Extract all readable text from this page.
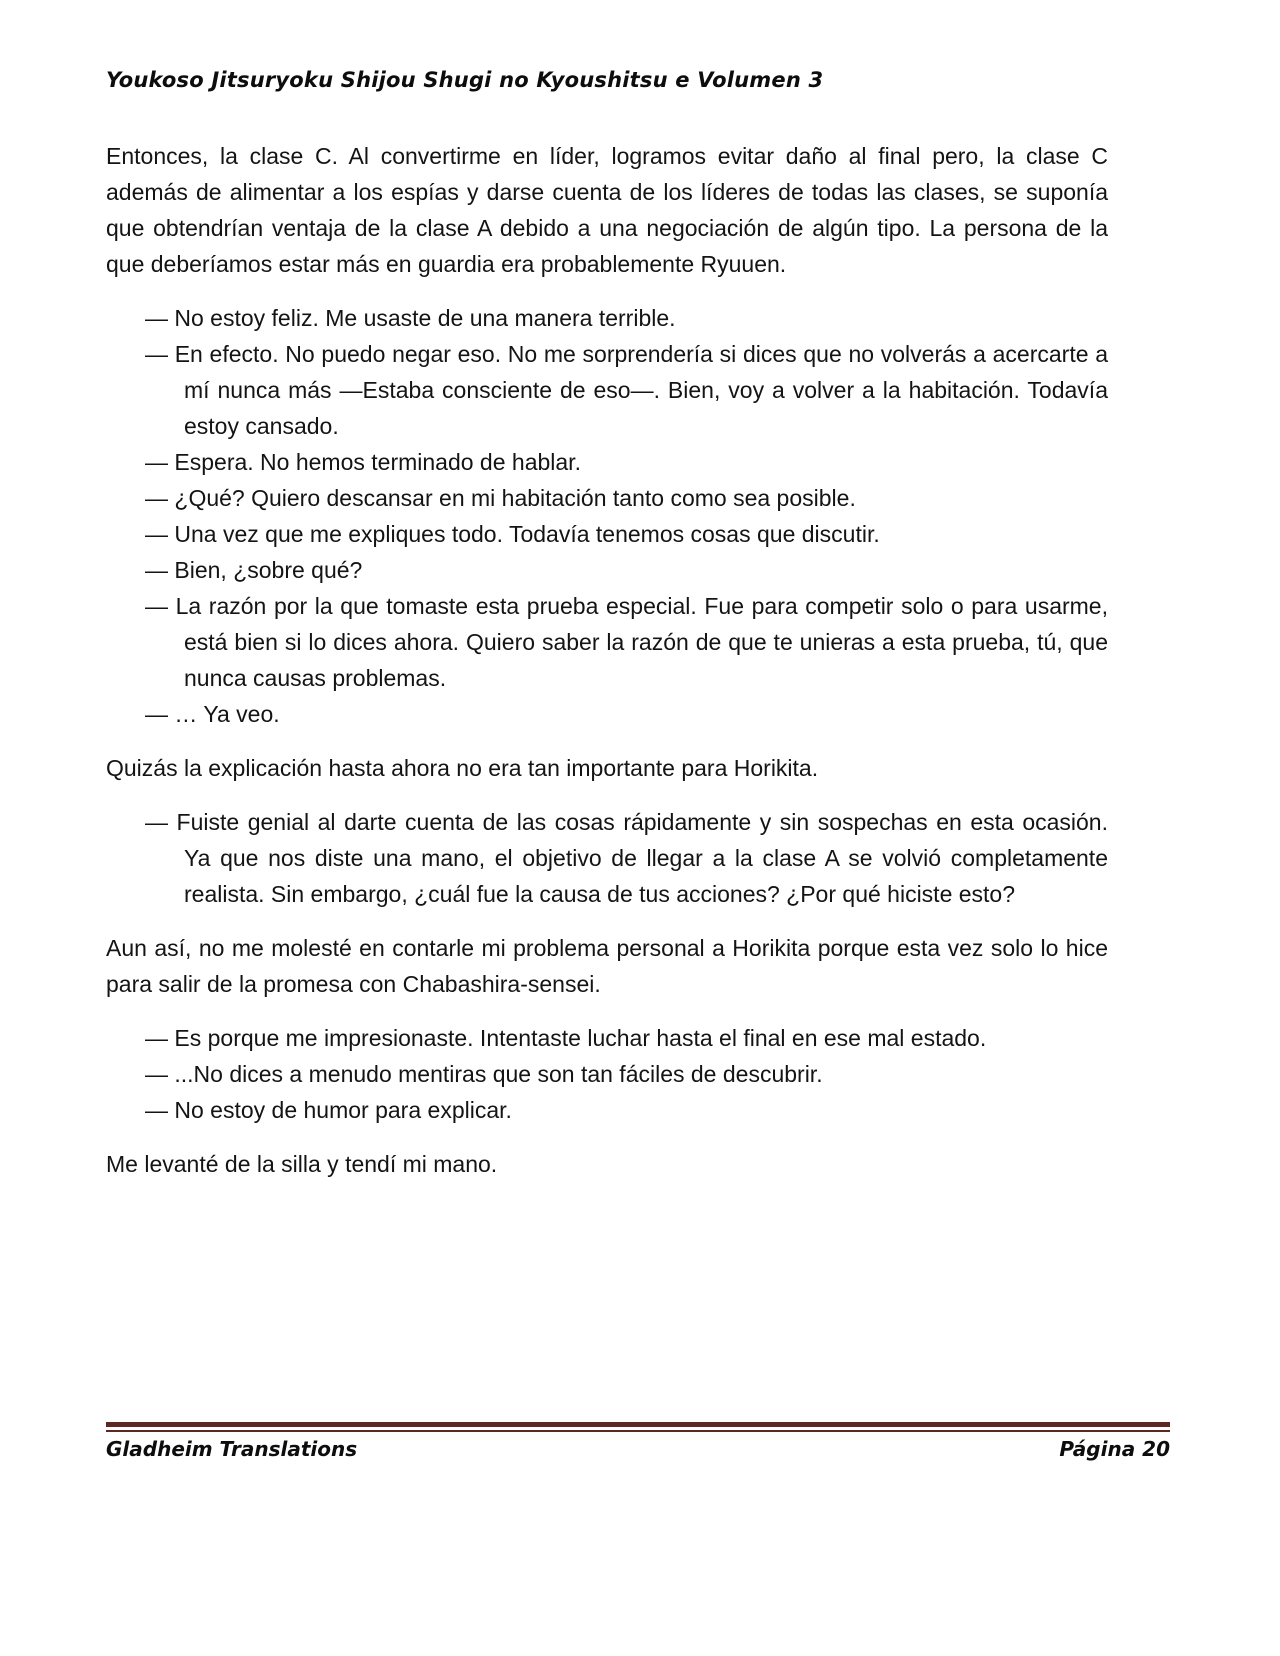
Youkoso Jitsuryoku Shijou Shugi no Kyoushitsu e Volumen 3

Entonces, la clase C. Al convertirme en líder, logramos evitar daño al final pero, la clase C además de alimentar a los espías y darse cuenta de los líderes de todas las clases, se suponía que obtendrían ventaja de la clase A debido a una negociación de algún tipo. La persona de la que deberíamos estar más en guardia era probablemente Ryuuen.

— No estoy feliz. Me usaste de una manera terrible.

— En efecto. No puedo negar eso. No me sorprendería si dices que no volverás a acercarte a mí nunca más —Estaba consciente de eso—. Bien, voy a volver a la habitación. Todavía estoy cansado.

— Espera. No hemos terminado de hablar.

— ¿Qué? Quiero descansar en mi habitación tanto como sea posible.

— Una vez que me expliques todo. Todavía tenemos cosas que discutir.

— Bien, ¿sobre qué?

— La razón por la que tomaste esta prueba especial. Fue para competir solo o para usarme, está bien si lo dices ahora. Quiero saber la razón de que te unieras a esta prueba, tú, que nunca causas problemas.

— … Ya veo.

Quizás la explicación hasta ahora no era tan importante para Horikita.

— Fuiste genial al darte cuenta de las cosas rápidamente y sin sospechas en esta ocasión. Ya que nos diste una mano, el objetivo de llegar a la clase A se volvió completamente realista. Sin embargo, ¿cuál fue la causa de tus acciones? ¿Por qué hiciste esto?

Aun así, no me molesté en contarle mi problema personal a Horikita porque esta vez solo lo hice para salir de la promesa con Chabashira-sensei.

— Es porque me impresionaste. Intentaste luchar hasta el final en ese mal estado.

— ...No dices a menudo mentiras que son tan fáciles de descubrir.

— No estoy de humor para explicar.

Me levanté de la silla y tendí mi mano.

Gladheim Translations	Página 20
